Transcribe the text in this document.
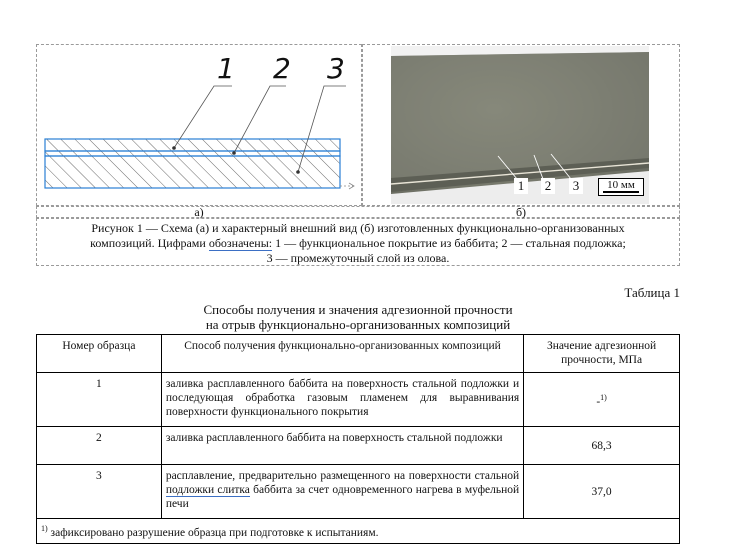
1 2 3
1 2 3	10 мм
а)	б)
Рисунок 1 — Схема (а) и характерный внешний вид (б) изготовленных функционально-организованных
композиций. Цифрами обозначены: 1 — функциональное покрытие из баббита; 2 — стальная подложка;
3 — промежуточный слой из олова.
Таблица 1
Способы получения и значения адгезионной прочности
на отрыв функционально-организованных композиций
Номер образца	Способ получения функционально-организованных композиций	Значение адгезионной прочности, МПа
1	заливка расплавленного баббита на поверхность стальной подложки и последующая обработка газовым пламенем для выравнивания поверхности функционального покрытия	-$^{1)}$
2	заливка расплавленного баббита на поверхность стальной подложки	68,3
3	расплавление, предварительно размещенного на поверхности стальной подложки слитка баббита за счет одновременного нагрева в муфельной печи	37,0
$^{1)}$ зафиксировано разрушение образца при подготовке к испытаниям.		
